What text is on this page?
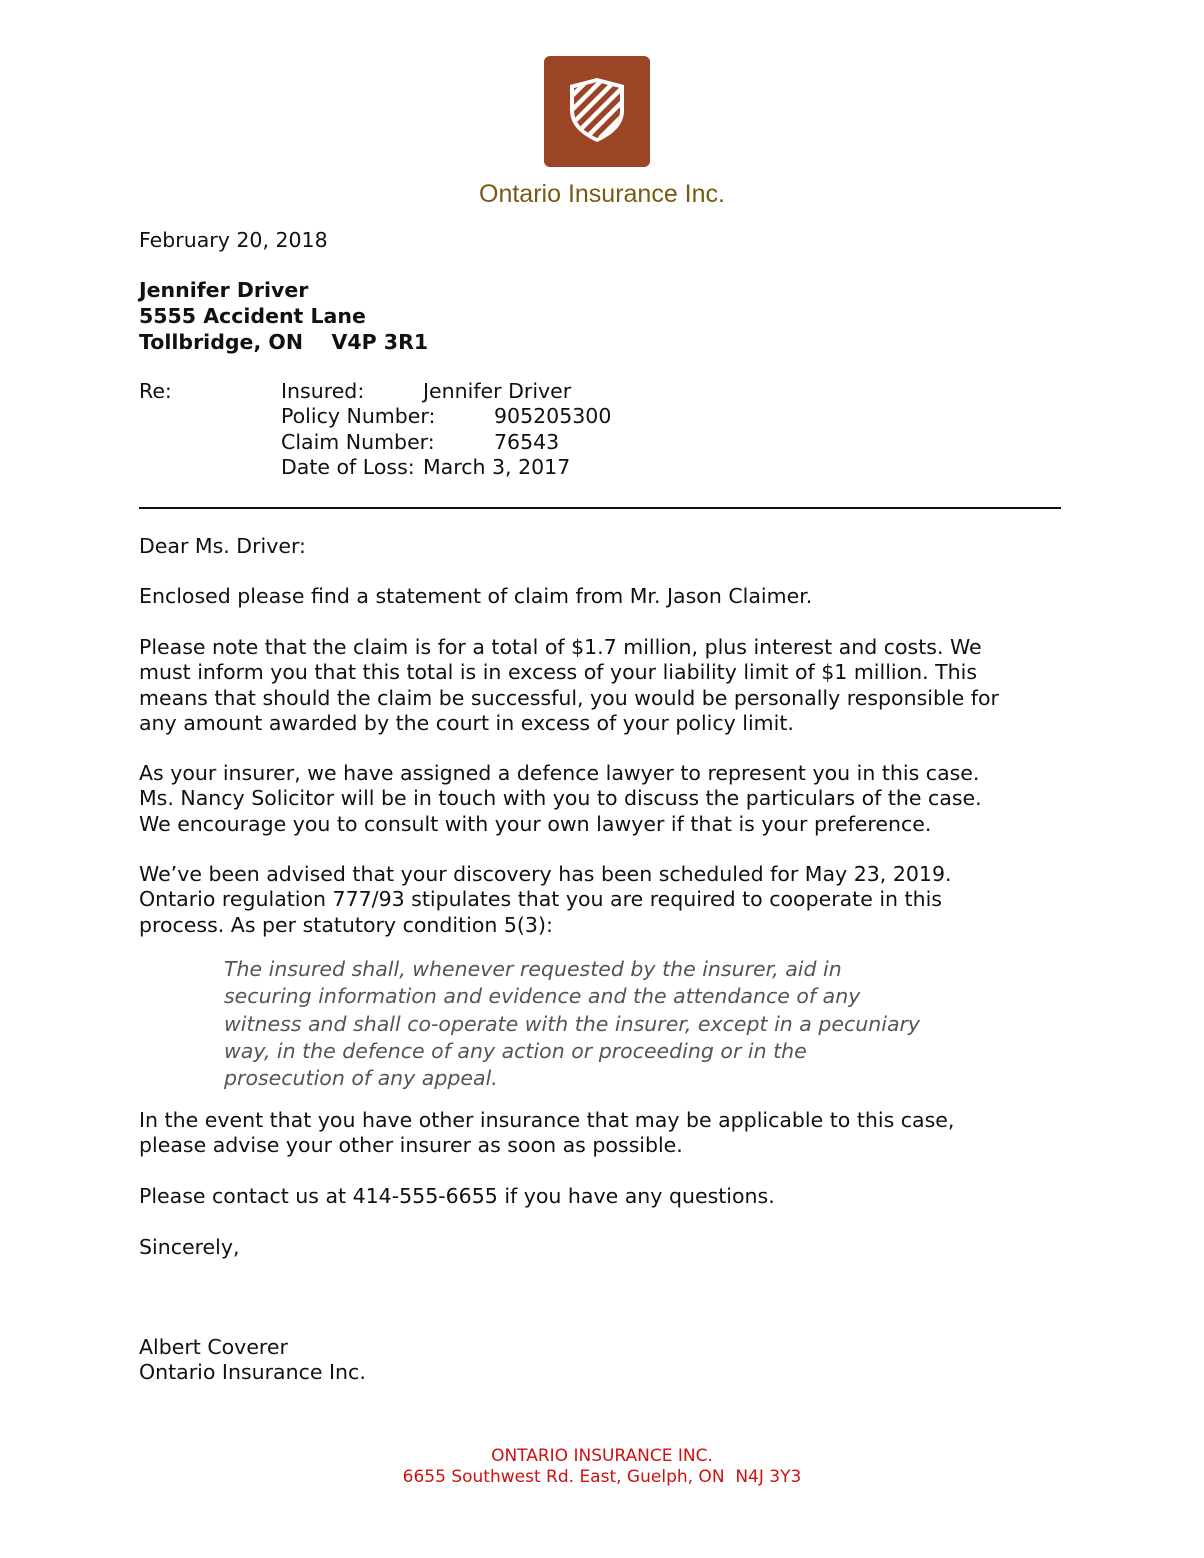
Ontario Insurance Inc.
February 20, 2018
Jennifer Driver
5555 Accident Lane
Tollbridge, ON    V4P 3R1
Re:	Insured:	Jennifer Driver
Policy Number:	905205300
Claim Number:	76543
Date of Loss: March 3, 2017
Dear Ms. Driver:
Enclosed please find a statement of claim from Mr. Jason Claimer.
Please note that the claim is for a total of $1.7 million, plus interest and costs. We
must inform you that this total is in excess of your liability limit of $1 million. This
means that should the claim be successful, you would be personally responsible for
any amount awarded by the court in excess of your policy limit.
As your insurer, we have assigned a defence lawyer to represent you in this case.
Ms. Nancy Solicitor will be in touch with you to discuss the particulars of the case.
We encourage you to consult with your own lawyer if that is your preference.
We’ve been advised that your discovery has been scheduled for May 23, 2019.
Ontario regulation 777/93 stipulates that you are required to cooperate in this
process. As per statutory condition 5(3):
The insured shall, whenever requested by the insurer, aid in
securing information and evidence and the attendance of any
witness and shall co-operate with the insurer, except in a pecuniary
way, in the defence of any action or proceeding or in the
prosecution of any appeal.
In the event that you have other insurance that may be applicable to this case,
please advise your other insurer as soon as possible.
Please contact us at 414-555-6655 if you have any questions.
Sincerely,
Albert Coverer
Ontario Insurance Inc.
ONTARIO INSURANCE INC.
6655 Southwest Rd. East, Guelph, ON  N4J 3Y3
